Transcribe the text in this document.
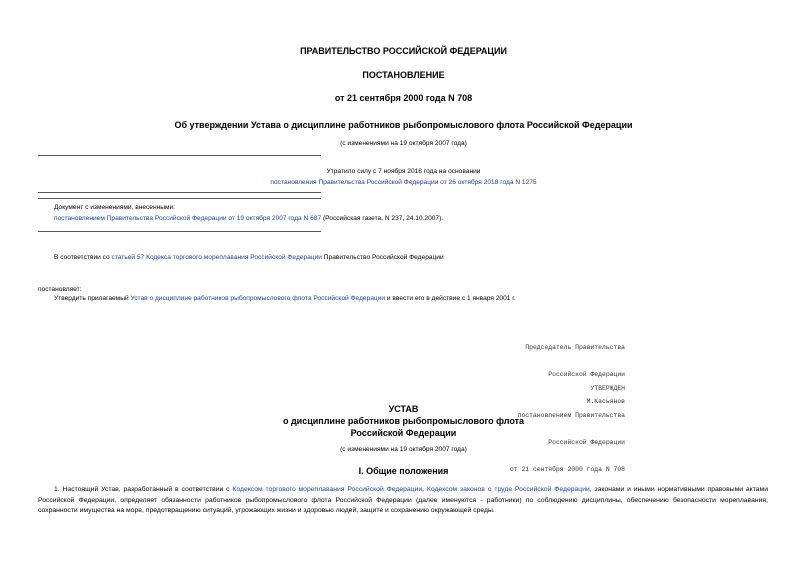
ПРАВИТЕЛЬСТВО РОССИЙСКОЙ ФЕДЕРАЦИИ
ПОСТАНОВЛЕНИЕ
от 21 сентября 2000 года N 708
Об утверждении Устава о дисциплине работников рыбопромыслового флота Российской Федерации
(с изменениями на 19 октября 2007 года)
Утратило силу с 7 ноября 2018 года на основании
постановления Правительства Российской Федерации от 26 октября 2018 года N 1275
Документ с изменениями, внесенными:
постановлением Правительства Российской Федерации от 19 октября 2007 года N 687 (Российская газета, N 237, 24.10.2007).
В соответствии со статьей 57 Кодекса торгового мореплавания Российской Федерации Правительство Российской Федерации
постановляет:
Утвердить прилагаемый Устав о дисциплине работников рыбопромыслового флота Российской Федерации и ввести его в действие с 1 января 2001 г.

Председатель Правительства

Российской Федерации

М.Касьянов

УТВЕРЖДЕН

постановлением Правительства

Российской Федерации

от 21 сентября 2000 года N 708

УСТАВ
о дисциплине работников рыбопромыслового флота
Российской Федерации
(с изменениями на 19 октября 2007 года)
I. Общие положения
1. Настоящий Устав, разработанный в соответствии с Кодексом торгового мореплавания Российской Федерации, Кодексом законов о труде Российской Федерации, законами и иными нормативными правовыми актами Российской Федерации, определяет обязанности работников рыбопромыслового флота Российской Федерации (далее именуются - работники) по соблюдению дисциплины, обеспечению безопасности мореплавания, сохранности имущества на море, предотвращению ситуаций, угрожающих жизни и здоровью людей, защите и сохранению окружающей среды.
